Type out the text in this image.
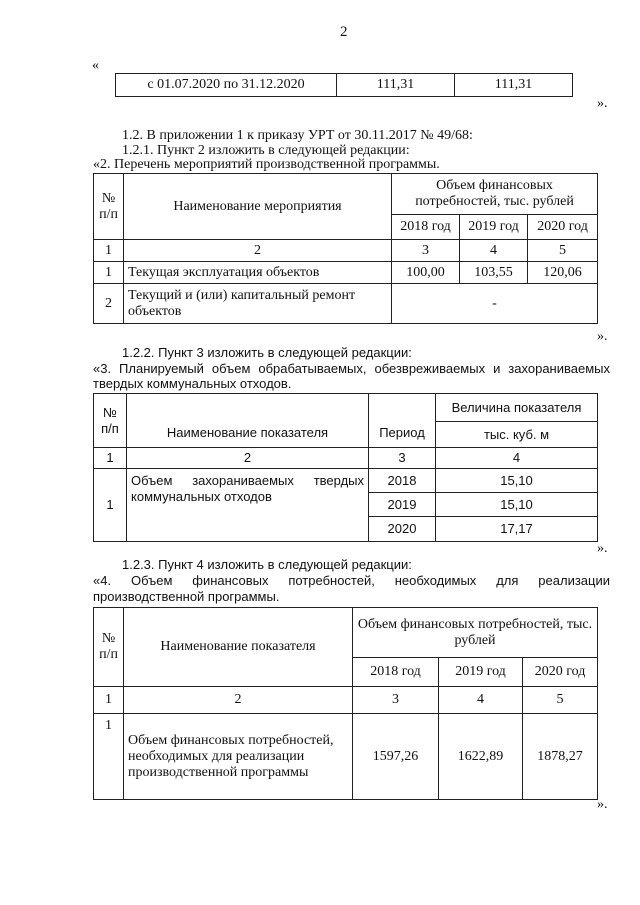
2
«
с 01.07.2020 по 31.12.2020	111,31	111,31
».
1.2. В приложении 1 к приказу УРТ от 30.11.2017 № 49/68:
1.2.1. Пункт 2 изложить в следующей редакции:
«2. Перечень мероприятий производственной программы.
№ п/п	Наименование мероприятия	Объем финансовых потребностей, тыс. рублей		
		2018 год	2019 год	2020 год
1	2	3	4	5
1	Текущая эксплуатация объектов	100,00	103,55	120,06
2	Текущий и (или) капитальный ремонт объектов	-		
».
1.2.2. Пункт 3 изложить в следующей редакции:
«3. Планируемый объем обрабатываемых, обезвреживаемых и захораниваемых твердых коммунальных отходов.
№ п/п	Наименование показателя	Период	Величина показателя
			тыс. куб. м
1	2	3	4
1	Объем захораниваемых твердых коммунальных отходов	2018	15,10
		2019	15,10
		2020	17,17
».
1.2.3. Пункт 4 изложить в следующей редакции:
«4. Объем финансовых потребностей, необходимых для реализации производственной программы.
№ п/п	Наименование показателя	Объем финансовых потребностей, тыс. рублей		
		2018 год	2019 год	2020 год
1	2	3	4	5
1	Объем финансовых потребностей, необходимых для реализации производственной программы	1597,26	1622,89	1878,27
».
